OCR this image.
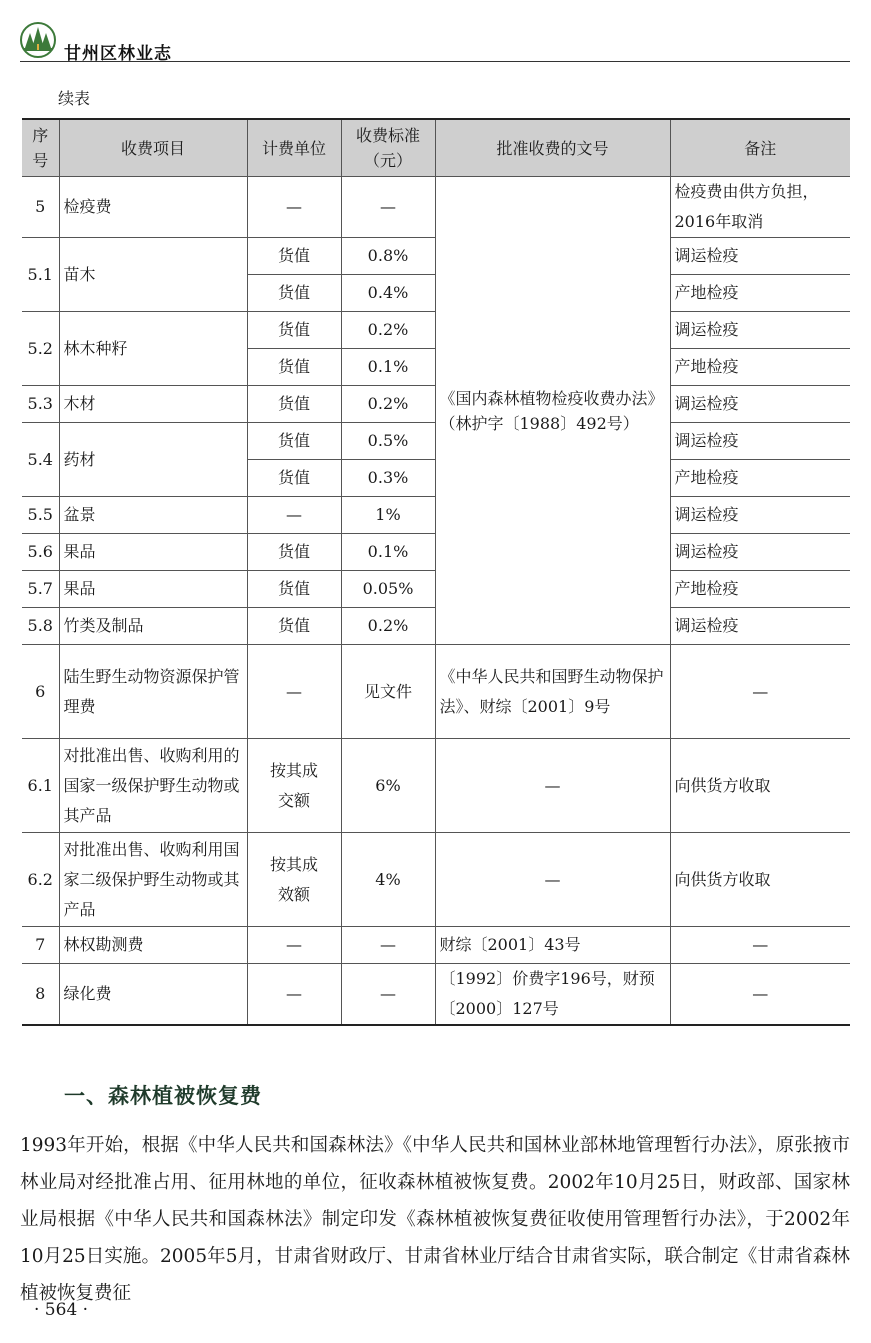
甘州区林业志
续表
序号	收费项目	计费单位	收费标准（元）	批准收费的文号	备注
5	检疫费	—	—	《国内森林植物检疫收费办法》（林护字〔1988〕492号）	检疫费由供方负担，2016年取消
5.1	苗木	货值	0.8%		调运检疫
		货值	0.4%		产地检疫
5.2	林木种籽	货值	0.2%		调运检疫
		货值	0.1%		产地检疫
5.3	木材	货值	0.2%		调运检疫
5.4	药材	货值	0.5%		调运检疫
		货值	0.3%		产地检疫
5.5	盆景	—	1%		调运检疫
5.6	果品	货值	0.1%		调运检疫
5.7	果品	货值	0.05%		产地检疫
5.8	竹类及制品	货值	0.2%		调运检疫
6	陆生野生动物资源保护管理费	—	见文件	《中华人民共和国野生动物保护法》、财综〔2001〕9号	—
6.1	对批准出售、收购利用的国家一级保护野生动物或其产品	按其成交额	6%	—	向供货方收取
6.2	对批准出售、收购利用国家二级保护野生动物或其产品	按其成效额	4%	—	向供货方收取
7	林权勘测费	—	—	财综〔2001〕43号	—
8	绿化费	—	—	〔1992〕价费字196号，财预〔2000〕127号	—
一、森林植被恢复费
1993年开始，根据《中华人民共和国森林法》《中华人民共和国林业部林地管理暂行办法》，原张掖市林业局对经批准占用、征用林地的单位，征收森林植被恢复费。2002年10月25日，财政部、国家林业局根据《中华人民共和国森林法》制定印发《森林植被恢复费征收使用管理暂行办法》，于2002年10月25日实施。2005年5月，甘肃省财政厅、甘肃省林业厅结合甘肃省实际，联合制定《甘肃省森林植被恢复费征
· 564 ·
